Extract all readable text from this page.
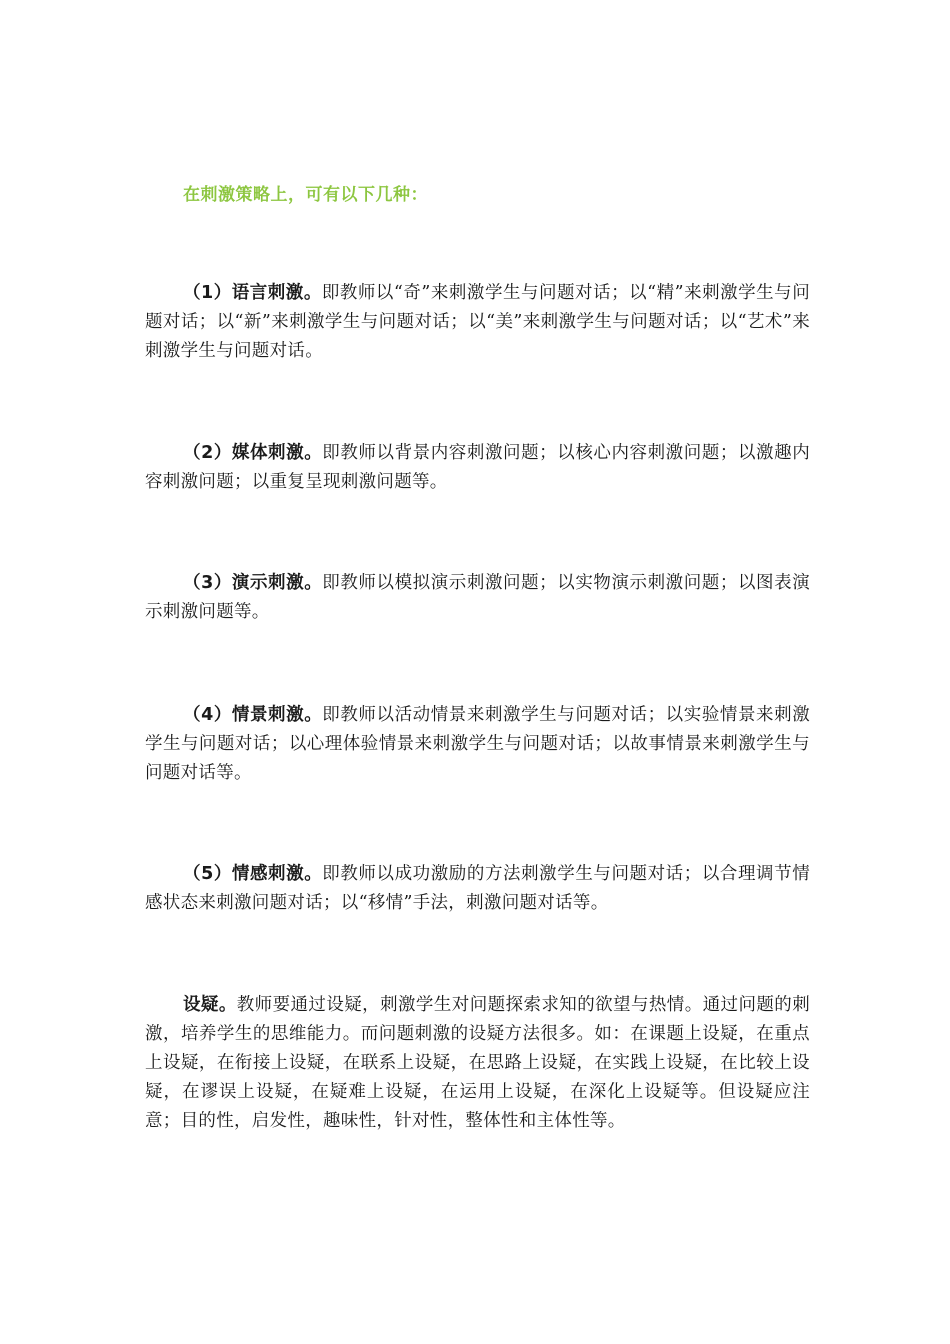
在刺激策略上，可有以下几种：

（1）语言刺激。即教师以“奇”来刺激学生与问题对话；以“精”来刺激学生与问题对话；以“新”来刺激学生与问题对话；以“美”来刺激学生与问题对话；以“艺术”来刺激学生与问题对话。

（2）媒体刺激。即教师以背景内容刺激问题；以核心内容刺激问题；以激趣内容刺激问题；以重复呈现刺激问题等。

（3）演示刺激。即教师以模拟演示刺激问题；以实物演示刺激问题；以图表演示刺激问题等。

（4）情景刺激。即教师以活动情景来刺激学生与问题对话；以实验情景来刺激学生与问题对话；以心理体验情景来刺激学生与问题对话；以故事情景来刺激学生与问题对话等。

（5）情感刺激。即教师以成功激励的方法刺激学生与问题对话；以合理调节情感状态来刺激问题对话；以“移情”手法，刺激问题对话等。

设疑。教师要通过设疑，刺激学生对问题探索求知的欲望与热情。通过问题的刺激，培养学生的思维能力。而问题刺激的设疑方法很多。如：在课题上设疑，在重点上设疑，在衔接上设疑，在联系上设疑，在思路上设疑，在实践上设疑，在比较上设疑，在谬误上设疑，在疑难上设疑，在运用上设疑，在深化上设疑等。但设疑应注意；目的性，启发性，趣味性，针对性，整体性和主体性等。
